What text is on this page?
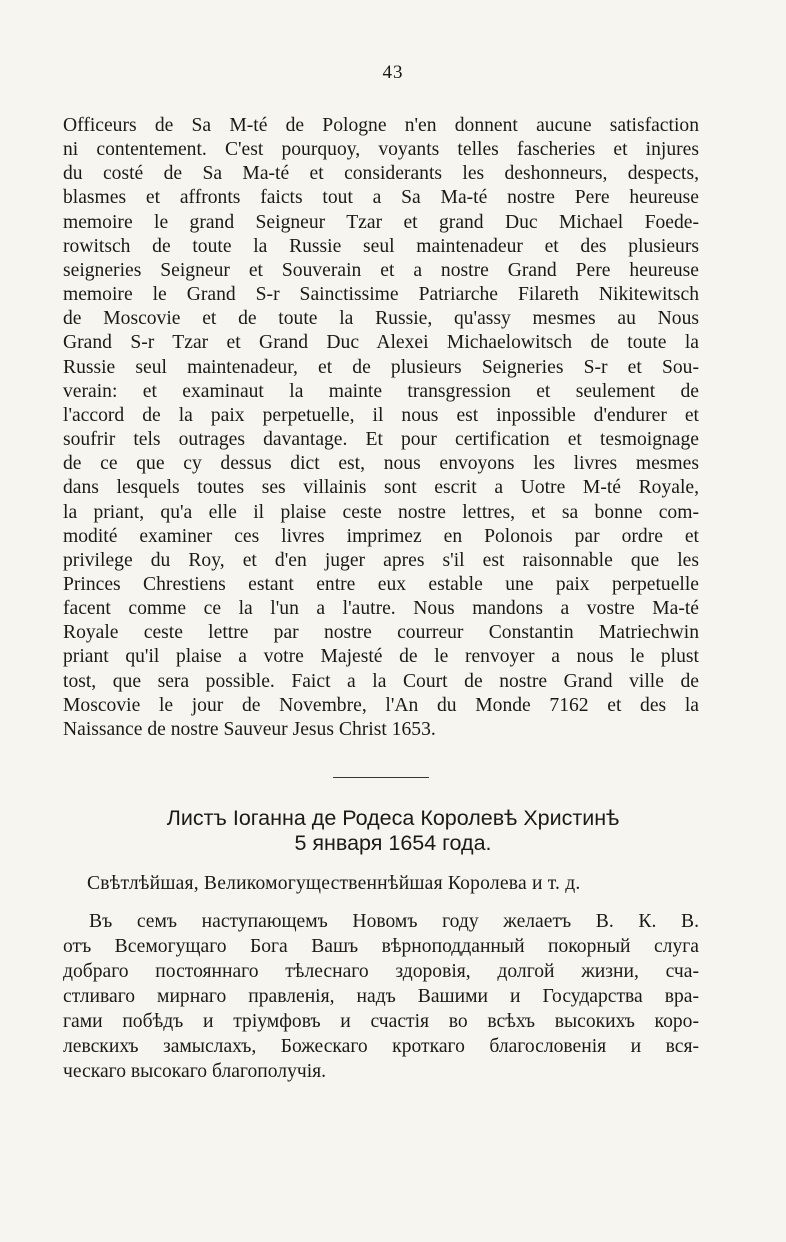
43
Officeurs de Sa M-té de Pologne n'en donnent aucune satisfaction
ni contentement. C'est pourquoy, voyants telles fascheries et injures
du costé de Sa Ma-té et considerants les deshonneurs, despects,
blasmes et affronts faicts tout a Sa Ma-té nostre Pere heureuse
memoire le grand Seigneur Tzar et grand Duc Michael Foede-
rowitsch de toute la Russie seul maintenadeur et des plusieurs
seigneries Seigneur et Souverain et a nostre Grand Pere heureuse
memoire le Grand S-r Sainctissime Patriarche Filareth Nikitewitsch
de Moscovie et de toute la Russie, qu'assy mesmes au Nous
Grand S-r Tzar et Grand Duc Alexei Michaelowitsch de toute la
Russie seul maintenadeur, et de plusieurs Seigneries S-r et Sou-
verain: et examinaut la mainte transgression et seulement de
l'accord de la paix perpetuelle, il nous est inpossible d'endurer et
soufrir tels outrages davantage. Et pour certification et tesmoignage
de ce que cy dessus dict est, nous envoyons les livres mesmes
dans lesquels toutes ses villainis sont escrit a Uotre M-té Royale,
la priant, qu'a elle il plaise ceste nostre lettres, et sa bonne com-
modité examiner ces livres imprimez en Polonois par ordre et
privilege du Roy, et d'en juger apres s'il est raisonnable que les
Princes Chrestiens estant entre eux estable une paix perpetuelle
facent comme ce la l'un a l'autre. Nous mandons a vostre Ma-té
Royale ceste lettre par nostre courreur Constantin Matriechwin
priant qu'il plaise a votre Majesté de le renvoyer a nous le plust
tost, que sera possible. Faict a la Court de nostre Grand ville de
Moscovie le jour de Novembre, l'An du Monde 7162 et des la
Naissance de nostre Sauveur Jesus Christ 1653.
Листъ Іоганна де Родеса Королевѣ Христинѣ
5 января 1654 года.
Свѣтлѣйшая, Великомогущественнѣйшая Королева и т. д.
Въ семъ наступающемъ Новомъ году желаетъ В. К. В.
отъ Всемогущаго Бога Вашъ вѣрноподданный покорный слуга
добраго постояннаго тѣлеснаго здоровія, долгой жизни, сча-
стливаго мирнаго правленія, надъ Вашими и Государства вра-
гами побѣдъ и тріумфовъ и счастія во всѣхъ высокихъ коро-
левскихъ замыслахъ, Божескаго кроткаго благословенія и вся-
ческаго высокаго благополучія.
